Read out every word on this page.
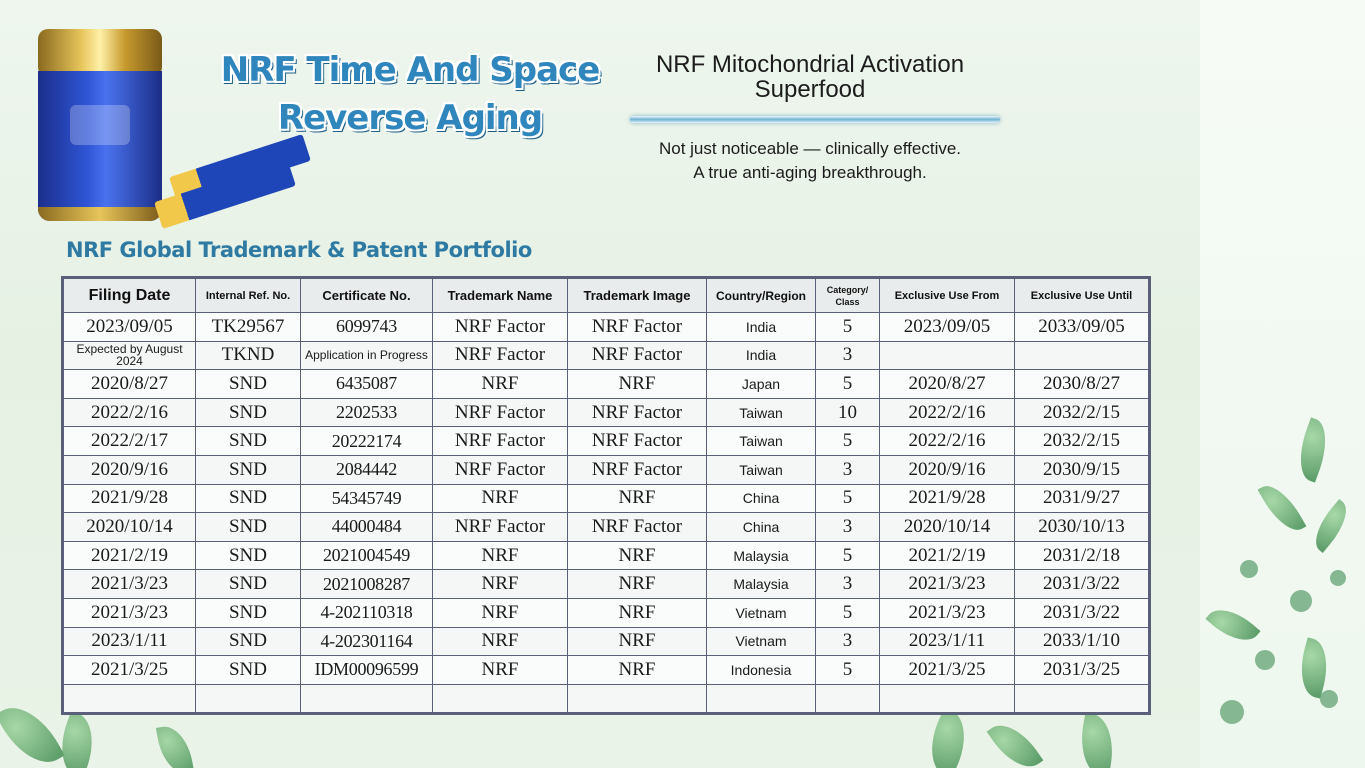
NRF Time And Space Reverse Aging
NRF Mitochondrial Activation Superfood
Not just noticeable — clinically effective.
A true anti-aging breakthrough.
NRF Global Trademark & Patent Portfolio
Filing Date	Internal Ref. No.	Certificate No.	Trademark Name	Trademark Image	Country/Region	Category/ Class	Exclusive Use From	Exclusive Use Until
2023/09/05	TK29567	6099743	NRF Factor	NRF Factor	India	5	2023/09/05	2033/09/05
Expected by August 2024	TKND	Application in Progress	NRF Factor	NRF Factor	India	3		
2020/8/27	SND	6435087	NRF	NRF	Japan	5	2020/8/27	2030/8/27
2022/2/16	SND	2202533	NRF Factor	NRF Factor	Taiwan	10	2022/2/16	2032/2/15
2022/2/17	SND	20222174	NRF Factor	NRF Factor	Taiwan	5	2022/2/16	2032/2/15
2020/9/16	SND	2084442	NRF Factor	NRF Factor	Taiwan	3	2020/9/16	2030/9/15
2021/9/28	SND	54345749	NRF	NRF	China	5	2021/9/28	2031/9/27
2020/10/14	SND	44000484	NRF Factor	NRF Factor	China	3	2020/10/14	2030/10/13
2021/2/19	SND	2021004549	NRF	NRF	Malaysia	5	2021/2/19	2031/2/18
2021/3/23	SND	2021008287	NRF	NRF	Malaysia	3	2021/3/23	2031/3/22
2021/3/23	SND	4-202110318	NRF	NRF	Vietnam	5	2021/3/23	2031/3/22
2023/1/11	SND	4-202301164	NRF	NRF	Vietnam	3	2023/1/11	2033/1/10
2021/3/25	SND	IDM00096599	NRF	NRF	Indonesia	5	2021/3/25	2031/3/25
